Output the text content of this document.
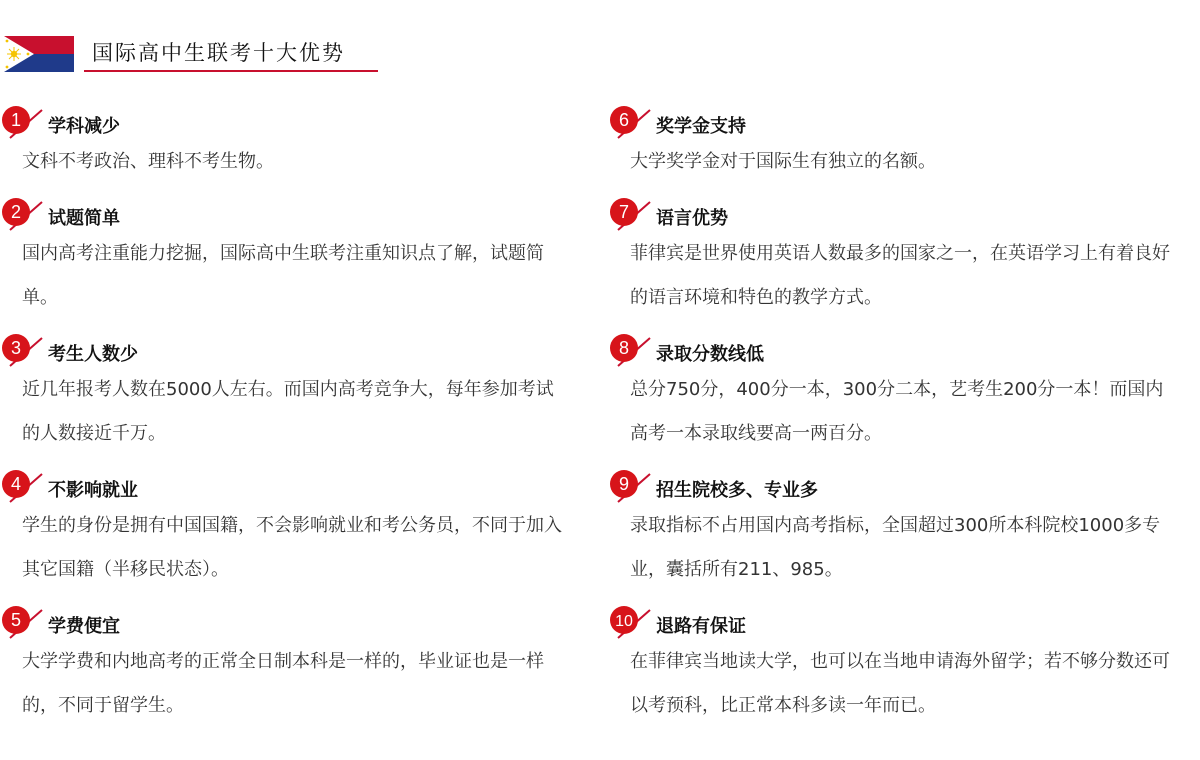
国际高中生联考十大优势
1 学科减少
文科不考政治、理科不考生物。
2 试题简单
国内高考注重能力挖掘，国际高中生联考注重知识点了解，试题简单。
3 考生人数少
近几年报考人数在5000人左右。而国内高考竞争大，每年参加考试的人数接近千万。
4 不影响就业
学生的身份是拥有中国国籍，不会影响就业和考公务员，不同于加入其它国籍（半移民状态）。
5 学费便宜
大学学费和内地高考的正常全日制本科是一样的，毕业证也是一样的，不同于留学生。
6 奖学金支持
大学奖学金对于国际生有独立的名额。
7 语言优势
菲律宾是世界使用英语人数最多的国家之一，在英语学习上有着良好的语言环境和特色的教学方式。
8 录取分数线低
总分750分，400分一本，300分二本，艺考生200分一本！而国内高考一本录取线要高一两百分。
9 招生院校多、专业多
录取指标不占用国内高考指标，全国超过300所本科院校1000多专业，囊括所有211、985。
10 退路有保证
在菲律宾当地读大学，也可以在当地申请海外留学；若不够分数还可以考预科，比正常本科多读一年而已。
